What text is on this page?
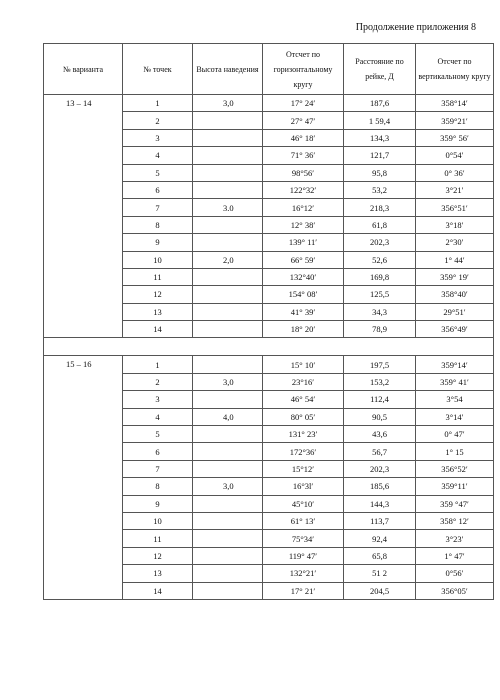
Продолжение приложения 8
№ варианта	№ точек	Высота наведения	Отсчет по горизонтальному кругу	Расстояние по рейке, Д	Отсчет по вертикальному кругу
13 – 14	1	3,0	17° 24′	187,6	358°14′
	2		27° 47′	1 59,4	359°21′
	3		46° 18′	134,3	359° 56′
	4		71° 36′	121,7	0°54′
	5		98°56′	95,8	0° 36′
	6		122°32′	53,2	3°21′
	7	3.0	16°12′	218,3	356°51′
	8		12° 38′	61,8	3°18′
	9		139° 11′	202,3	2°30′
	10	2,0	66° 59′	52,6	1° 44′
	11		132°40′	169,8	359° 19′
	12		154° 08′	125,5	358°40′
	13		41° 39′	34,3	29°51′
	14		18° 20′	78,9	356°49′

15 – 16	1		15° 10′	197,5	359°14′
	2	3,0	23°16′	153,2	359° 41′
	3		46° 54′	112,4	3°54
	4	4,0	80° 05′	90,5	3°14′
	5		131° 23′	43,6	0° 47′
	6		172°36′	56,7	1° 15
	7		15°12′	202,3	356°52′
	8	3,0	16°3l′	185,6	359°11′
	9		45°10′	144,3	359 °47′
	10		61° 13′	113,7	358° 12′
	11		75°34′	92,4	3°23′
	12		119° 47′	65,8	1° 47′
	13		132°21′	51 2	0°56′
	14		17° 21′	204,5	356°05′
